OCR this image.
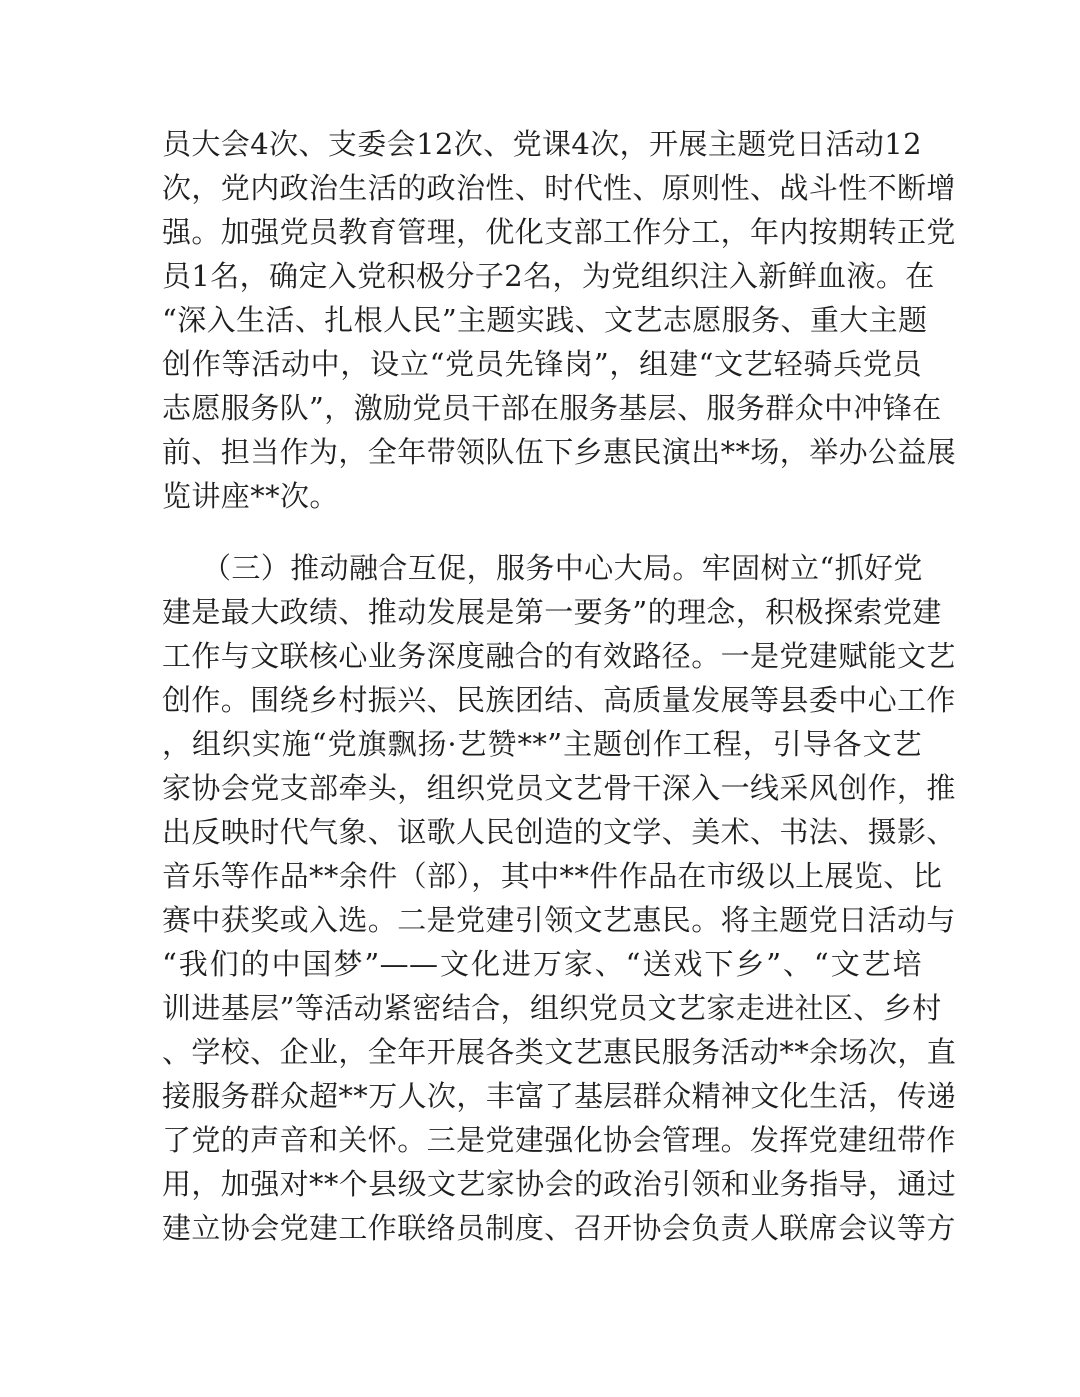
员大会4次、支委会12次、党课4次，开展主题党日活动12
次，党内政治生活的政治性、时代性、原则性、战斗性不断增
强。加强党员教育管理，优化支部工作分工，年内按期转正党
员1名，确定入党积极分子2名，为党组织注入新鲜血液。在
“深入生活、扎根人民”主题实践、文艺志愿服务、重大主题
创作等活动中，设立“党员先锋岗”，组建“文艺轻骑兵党员
志愿服务队”，激励党员干部在服务基层、服务群众中冲锋在
前、担当作为，全年带领队伍下乡惠民演出**场，举办公益展
览讲座**次。
（三）推动融合互促，服务中心大局。牢固树立“抓好党
建是最大政绩、推动发展是第一要务”的理念，积极探索党建
工作与文联核心业务深度融合的有效路径。一是党建赋能文艺
创作。围绕乡村振兴、民族团结、高质量发展等县委中心工作
，组织实施“党旗飘扬·艺赞**”主题创作工程，引导各文艺
家协会党支部牵头，组织党员文艺骨干深入一线采风创作，推
出反映时代气象、讴歌人民创造的文学、美术、书法、摄影、
音乐等作品**余件（部），其中**件作品在市级以上展览、比
赛中获奖或入选。二是党建引领文艺惠民。将主题党日活动与
“我们的中国梦”——文化进万家、“送戏下乡”、“文艺培
训进基层”等活动紧密结合，组织党员文艺家走进社区、乡村
、学校、企业，全年开展各类文艺惠民服务活动**余场次，直
接服务群众超**万人次，丰富了基层群众精神文化生活，传递
了党的声音和关怀。三是党建强化协会管理。发挥党建纽带作
用，加强对**个县级文艺家协会的政治引领和业务指导，通过
建立协会党建工作联络员制度、召开协会负责人联席会议等方
